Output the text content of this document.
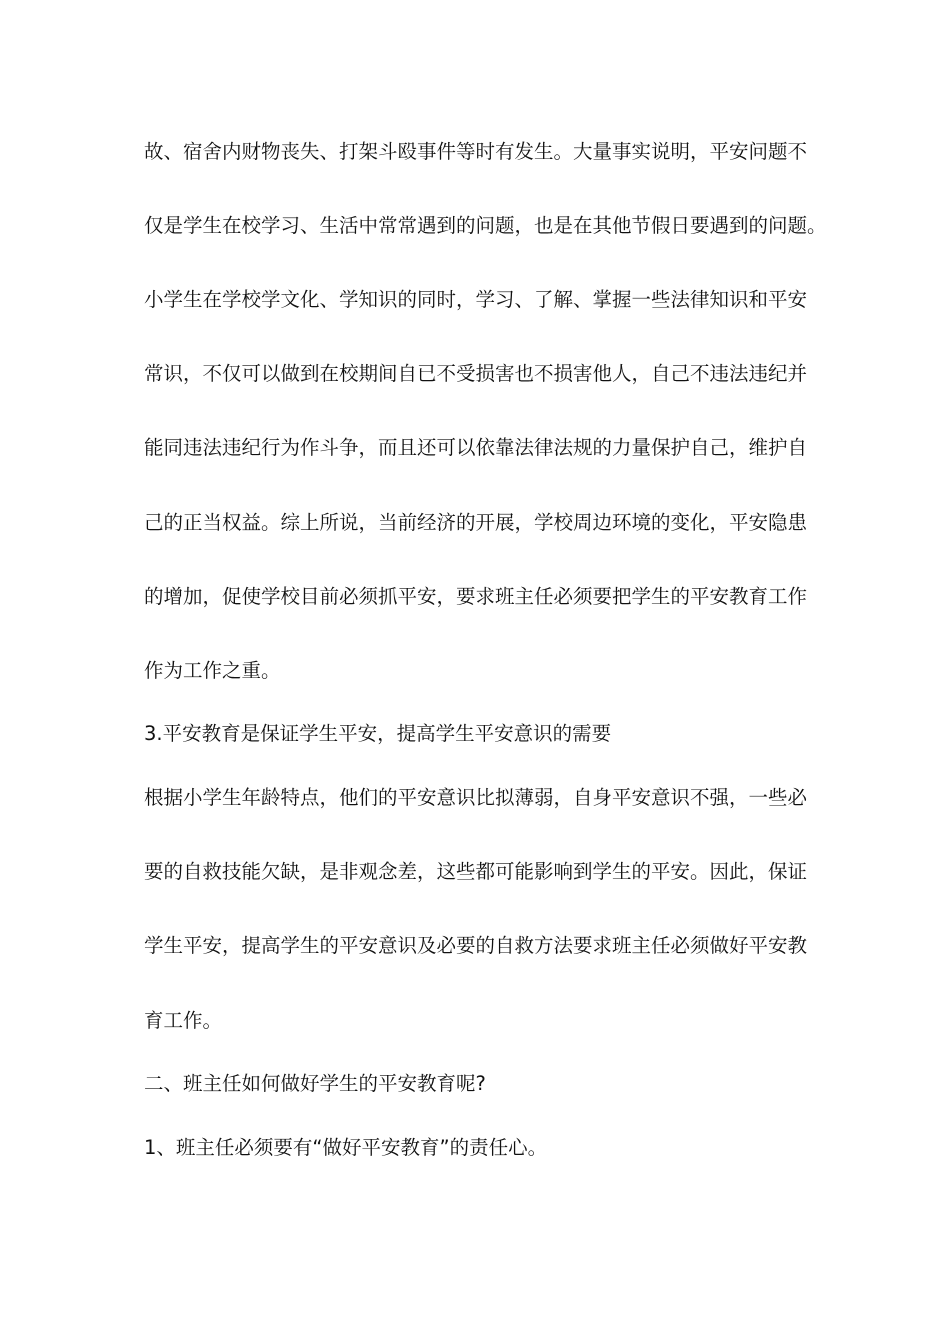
故、宿舍内财物丧失、打架斗殴事件等时有发生。大量事实说明，平安问题不
仅是学生在校学习、生活中常常遇到的问题，也是在其他节假日要遇到的问题。
小学生在学校学文化、学知识的同时，学习、了解、掌握一些法律知识和平安
常识，不仅可以做到在校期间自已不受损害也不损害他人，自己不违法违纪并
能同违法违纪行为作斗争，而且还可以依靠法律法规的力量保护自己，维护自
己的正当权益。综上所说，当前经济的开展，学校周边环境的变化，平安隐患
的增加，促使学校目前必须抓平安，要求班主任必须要把学生的平安教育工作
作为工作之重。
3.平安教育是保证学生平安，提高学生平安意识的需要
根据小学生年龄特点，他们的平安意识比拟薄弱，自身平安意识不强，一些必
要的自救技能欠缺，是非观念差，这些都可能影响到学生的平安。因此，保证
学生平安，提高学生的平安意识及必要的自救方法要求班主任必须做好平安教
育工作。
二、班主任如何做好学生的平安教育呢?
1、班主任必须要有“做好平安教育”的责任心。
